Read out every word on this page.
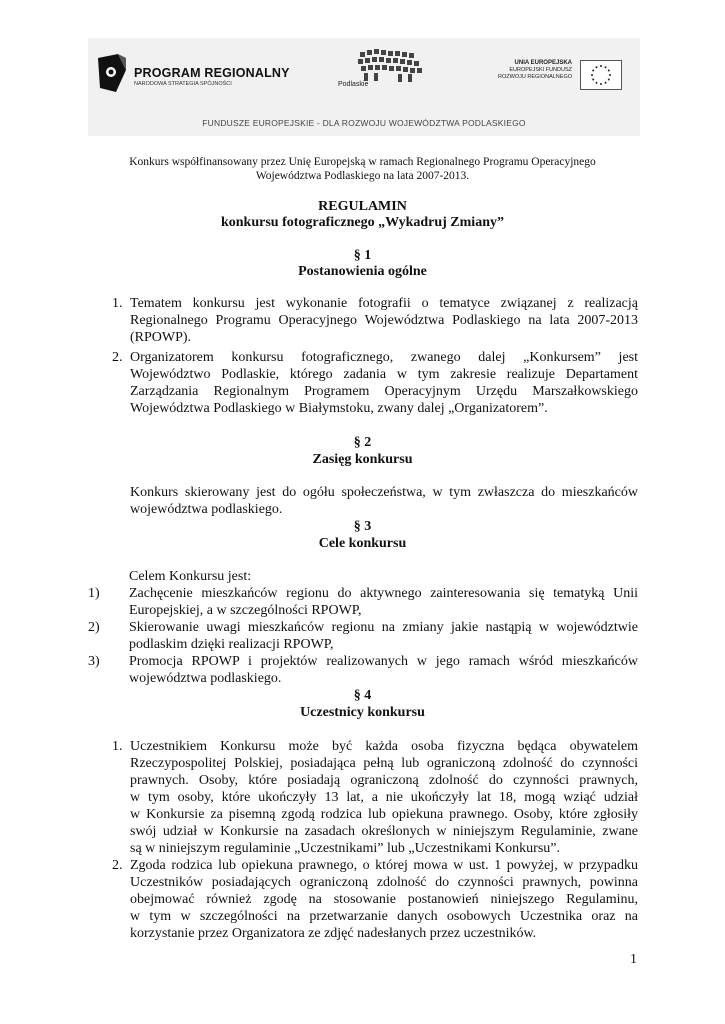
PROGRAM REGIONALNY
NARODOWA STRATEGIA SPÓJNOŚCI	Podlaskie
UNIA EUROPEJSKA
EUROPEJSKI FUNDUSZ
ROZWOJU REGIONALNEGO
FUNDUSZE EUROPEJSKIE - DLA ROZWOJU WOJEWÓDZTWA PODLASKIEGO
Konkurs współfinansowany przez Unię Europejską w ramach Regionalnego Programu Operacyjnego
Województwa Podlaskiego na lata 2007-2013.
REGULAMIN
konkursu fotograficznego „Wykadruj Zmiany”
§ 1
Postanowienia ogólne
1. Tematem konkursu jest wykonanie fotografii o tematyce związanej z realizacją
Regionalnego Programu Operacyjnego Województwa Podlaskiego na lata 2007-2013
(RPOWP).
2. Organizatorem konkursu fotograficznego, zwanego dalej „Konkursem” jest
Województwo Podlaskie, którego zadania w tym zakresie realizuje Departament
Zarządzania Regionalnym Programem Operacyjnym Urzędu Marszałkowskiego
Województwa Podlaskiego w Białymstoku, zwany dalej „Organizatorem”.
§ 2
Zasięg konkursu
Konkurs skierowany jest do ogółu społeczeństwa, w tym zwłaszcza do mieszkańców
województwa podlaskiego.
§ 3
Cele konkursu
Celem Konkursu jest:
1) Zachęcenie mieszkańców regionu do aktywnego zainteresowania się tematyką Unii
Europejskiej, a w szczególności RPOWP,
2) Skierowanie uwagi mieszkańców regionu na zmiany jakie nastąpią w województwie
podlaskim dzięki realizacji RPOWP,
3) Promocja RPOWP i projektów realizowanych w jego ramach wśród mieszkańców
województwa podlaskiego.
§ 4
Uczestnicy konkursu
1. Uczestnikiem Konkursu może być każda osoba fizyczna będąca obywatelem
Rzeczypospolitej Polskiej, posiadająca pełną lub ograniczoną zdolność do czynności
prawnych. Osoby, które posiadają ograniczoną zdolność do czynności prawnych,
w tym osoby, które ukończyły 13 lat, a nie ukończyły lat 18, mogą wziąć udział
w Konkursie za pisemną zgodą rodzica lub opiekuna prawnego. Osoby, które zgłosiły
swój udział w Konkursie na zasadach określonych w niniejszym Regulaminie, zwane
są w niniejszym regulaminie „Uczestnikami” lub „Uczestnikami Konkursu”.
2. Zgoda rodzica lub opiekuna prawnego, o której mowa w ust. 1 powyżej, w przypadku
Uczestników posiadających ograniczoną zdolność do czynności prawnych, powinna
obejmować również zgodę na stosowanie postanowień niniejszego Regulaminu,
w tym w szczególności na przetwarzanie danych osobowych Uczestnika oraz na
korzystanie przez Organizatora ze zdjęć nadesłanych przez uczestników.
1
